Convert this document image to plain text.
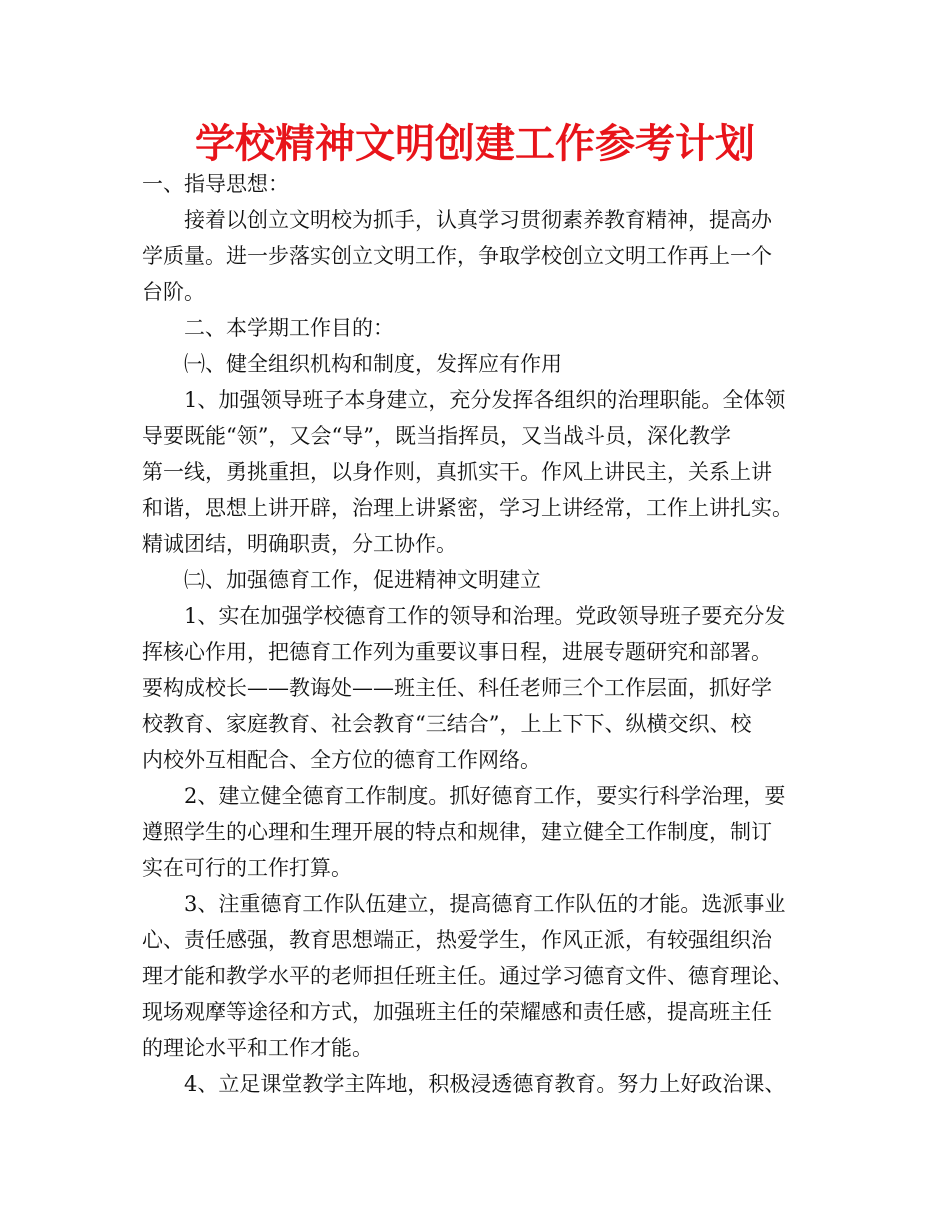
学校精神文明创建工作参考计划
一、指导思想：
接着以创立文明校为抓手，认真学习贯彻素养教育精神，提高办
学质量。进一步落实创立文明工作，争取学校创立文明工作再上一个
台阶。
二、本学期工作目的：
㈠、健全组织机构和制度，发挥应有作用
1、加强领导班子本身建立，充分发挥各组织的治理职能。全体领
导要既能“领”，又会“导”，既当指挥员，又当战斗员，深化教学
第一线，勇挑重担，以身作则，真抓实干。作风上讲民主，关系上讲
和谐，思想上讲开辟，治理上讲紧密，学习上讲经常，工作上讲扎实。
精诚团结，明确职责，分工协作。
㈡、加强德育工作，促进精神文明建立
1、实在加强学校德育工作的领导和治理。党政领导班子要充分发
挥核心作用，把德育工作列为重要议事日程，进展专题研究和部署。
要构成校长——教诲处——班主任、科任老师三个工作层面，抓好学
校教育、家庭教育、社会教育“三结合”，上上下下、纵横交织、校
内校外互相配合、全方位的德育工作网络。
2、建立健全德育工作制度。抓好德育工作，要实行科学治理，要
遵照学生的心理和生理开展的特点和规律，建立健全工作制度，制订
实在可行的工作打算。
3、注重德育工作队伍建立，提高德育工作队伍的才能。选派事业
心、责任感强，教育思想端正，热爱学生，作风正派，有较强组织治
理才能和教学水平的老师担任班主任。通过学习德育文件、德育理论、
现场观摩等途径和方式，加强班主任的荣耀感和责任感，提高班主任
的理论水平和工作才能。
4、立足课堂教学主阵地，积极浸透德育教育。努力上好政治课、
